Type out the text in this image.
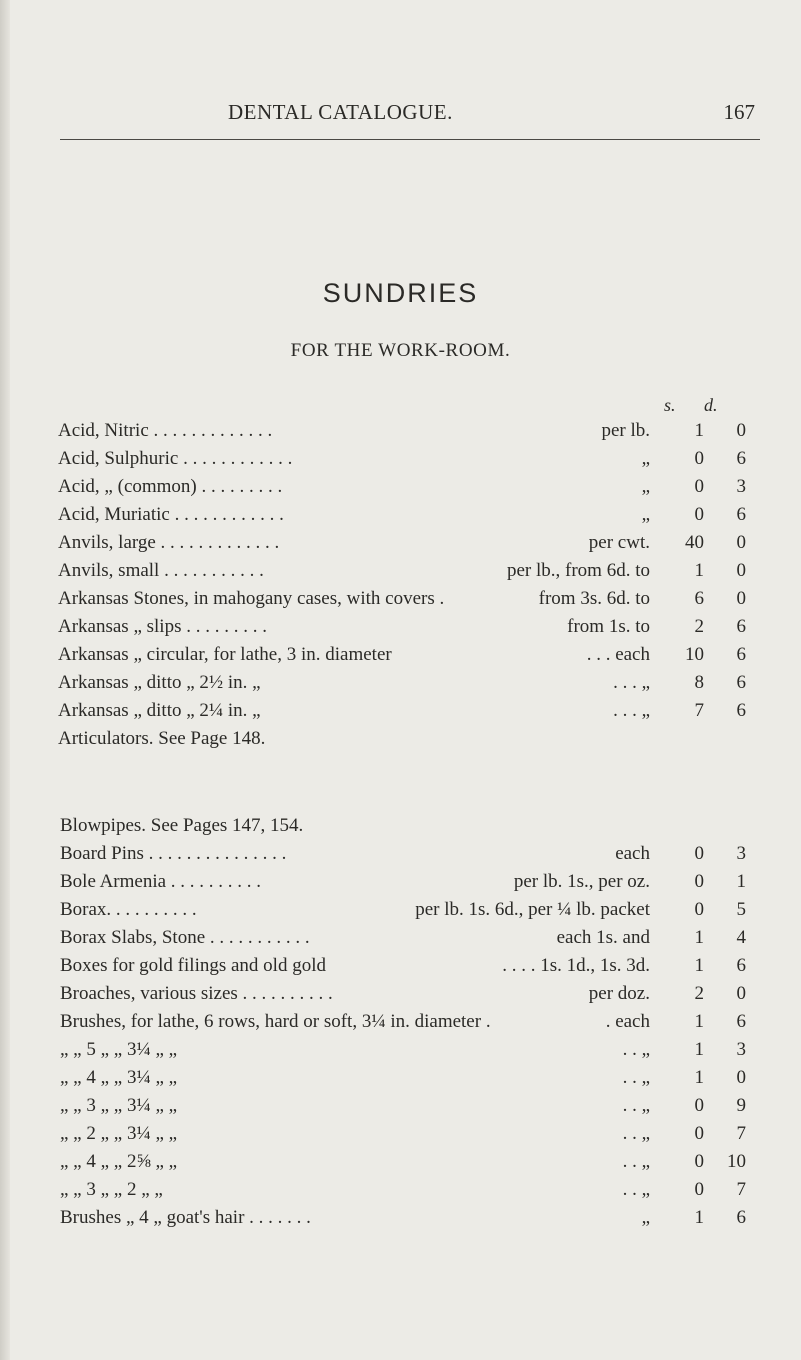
DENTAL CATALOGUE.	167
SUNDRIES
FOR THE WORK-ROOM.
s. d.
Acid, Nitric . . . . . . . . . . . . .	per lb.	1	0
Acid, Sulphuric . . . . . . . . . . . .	„	0	6
Acid, „ (common) . . . . . . . . .	„	0	3
Acid, Muriatic . . . . . . . . . . . .	„	0	6
Anvils, large . . . . . . . . . . . . .	per cwt.	40	0
Anvils, small . . . . . . . . . . .	per lb., from 6d. to	1	0
Arkansas Stones, in mahogany cases, with covers .	from 3s. 6d. to	6	0
Arkansas „ slips . . . . . . . . .	from 1s. to	2	6
Arkansas „ circular, for lathe, 3 in. diameter	. . . each	10	6
Arkansas „ ditto „ 2½ in. „	. . . „	8	6
Arkansas „ ditto „ 2¼ in. „	. . . „	7	6
Articulators. See Page 148.
Blowpipes. See Pages 147, 154.
Board Pins . . . . . . . . . . . . . . .	each	0	3
Bole Armenia . . . . . . . . . .	per lb. 1s., per oz.	0	1
Borax. . . . . . . . . .	per lb. 1s. 6d., per ¼ lb. packet	0	5
Borax Slabs, Stone . . . . . . . . . . .	each 1s. and	1	4
Boxes for gold filings and old gold	. . . . 1s. 1d., 1s. 3d.	1	6
Broaches, various sizes . . . . . . . . . .	per doz.	2	0
Brushes, for lathe, 6 rows, hard or soft, 3¼ in. diameter .	. each	1	6
„ „ 5 „ „ 3¼ „ „	. . „	1	3
„ „ 4 „ „ 3¼ „ „	. . „	1	0
„ „ 3 „ „ 3¼ „ „	. . „	0	9
„ „ 2 „ „ 3¼ „ „	. . „	0	7
„ „ 4 „ „ 2⅝ „ „	. . „	0	10
„ „ 3 „ „ 2 „ „	. . „	0	7
Brushes „ 4 „ goat's hair . . . . . . .	„	1	6
